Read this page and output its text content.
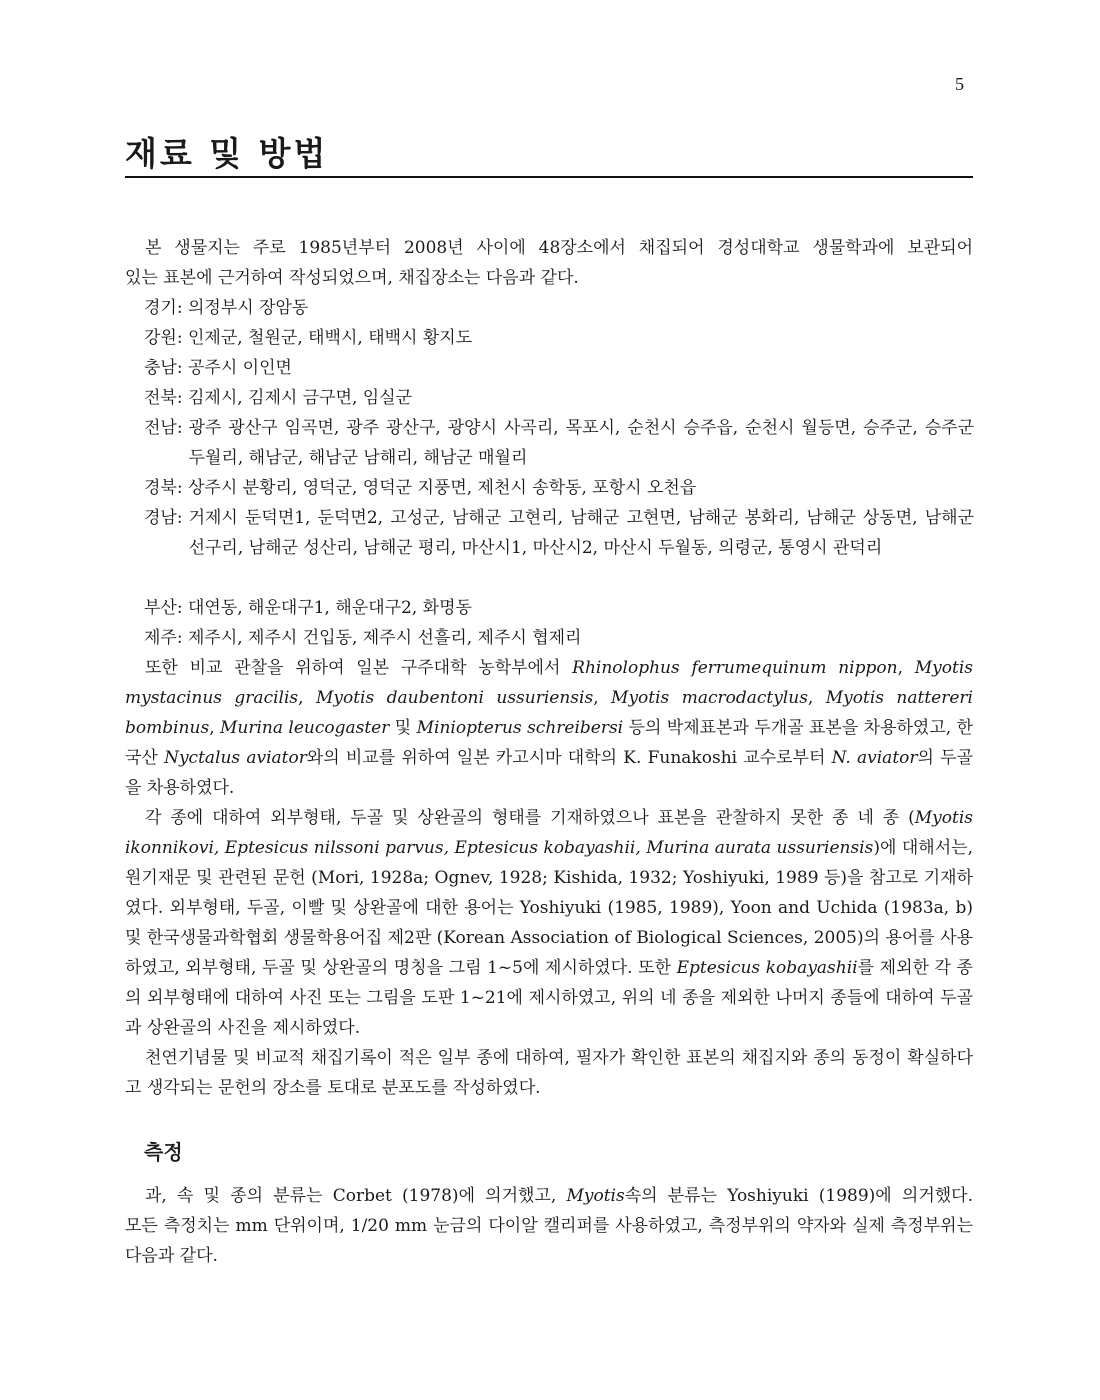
5
재료 및 방법

본 생물지는 주로 1985년부터 2008년 사이에 48장소에서 채집되어 경성대학교 생물학과에 보관되어
있는 표본에 근거하여 작성되었으며, 채집장소는 다음과 같다.

경기: 의정부시 장암동

강원: 인제군, 철원군, 태백시, 태백시 황지도

충남: 공주시 이인면

전북: 김제시, 김제시 금구면, 임실군

전남: 광주 광산구 임곡면, 광주 광산구, 광양시 사곡리, 목포시, 순천시 승주읍, 순천시 월등면, 승주군, 승주군 두월리, 해남군, 해남군 남해리, 해남군 매월리

경북: 상주시 분황리, 영덕군, 영덕군 지풍면, 제천시 송학동, 포항시 오천읍

경남: 거제시 둔덕면1, 둔덕면2, 고성군, 남해군 고현리, 남해군 고현면, 남해군 봉화리, 남해군 상동면, 남해군 선구리, 남해군 성산리, 남해군 평리, 마산시1, 마산시2, 마산시 두월동, 의령군, 통영시 관덕리

부산: 대연동, 해운대구1, 해운대구2, 화명동

제주: 제주시, 제주시 건입동, 제주시 선흘리, 제주시 협제리

또한 비교 관찰을 위하여 일본 구주대학 농학부에서 Rhinolophus ferrumequinum nippon, Myotis mystacinus gracilis, Myotis daubentoni ussuriensis, Myotis macrodactylus, Myotis nattereri bombinus, Murina leucogaster 및 Miniopterus schreibersi 등의 박제표본과 두개골 표본을 차용하였고, 한국산 Nyctalus aviator와의 비교를 위하여 일본 카고시마 대학의 K. Funakoshi 교수로부터 N. aviator의 두골을 차용하였다.

각 종에 대하여 외부형태, 두골 및 상완골의 형태를 기재하였으나 표본을 관찰하지 못한 종 네 종 (Myotis ikonnikovi, Eptesicus nilssoni parvus, Eptesicus kobayashii, Murina aurata ussuriensis)에 대해서는, 원기재문 및 관련된 문헌 (Mori, 1928a; Ognev, 1928; Kishida, 1932; Yoshiyuki, 1989 등)을 참고로 기재하였다. 외부형태, 두골, 이빨 및 상완골에 대한 용어는 Yoshiyuki (1985, 1989), Yoon and Uchida (1983a, b) 및 한국생물과학협회 생물학용어집 제2판 (Korean Association of Biological Sciences, 2005)의 용어를 사용하였고, 외부형태, 두골 및 상완골의 명칭을 그림 1~5에 제시하였다. 또한 Eptesicus kobayashii를 제외한 각 종의 외부형태에 대하여 사진 또는 그림을 도판 1~21에 제시하였고, 위의 네 종을 제외한 나머지 종들에 대하여 두골과 상완골의 사진을 제시하였다.

천연기념물 및 비교적 채집기록이 적은 일부 종에 대하여, 필자가 확인한 표본의 채집지와 종의 동정이 확실하다고 생각되는 문헌의 장소를 토대로 분포도를 작성하였다.

측정

과, 속 및 종의 분류는 Corbet (1978)에 의거했고, Myotis속의 분류는 Yoshiyuki (1989)에 의거했다.
모든 측정치는 mm 단위이며, 1/20 mm 눈금의 다이알 캘리퍼를 사용하였고, 측정부위의 약자와 실제 측정부위는 다음과 같다.
